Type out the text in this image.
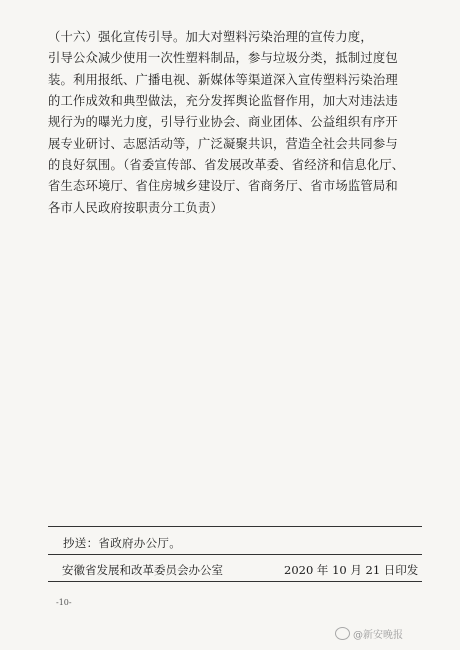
（十六）强化宣传引导。加大对塑料污染治理的宣传力度，
引导公众减少使用一次性塑料制品，参与垃圾分类，抵制过度包
装。利用报纸、广播电视、新媒体等渠道深入宣传塑料污染治理
的工作成效和典型做法，充分发挥舆论监督作用，加大对违法违
规行为的曝光力度，引导行业协会、商业团体、公益组织有序开
展专业研讨、志愿活动等，广泛凝聚共识，营造全社会共同参与
的良好氛围。（省委宣传部、省发展改革委、省经济和信息化厅、
省生态环境厅、省住房城乡建设厅、省商务厅、省市场监管局和
各市人民政府按职责分工负责）
抄送：省政府办公厅。
安徽省发展和改革委员会办公室	2020 年 10 月 21 日印发
-10-
@新安晚报
